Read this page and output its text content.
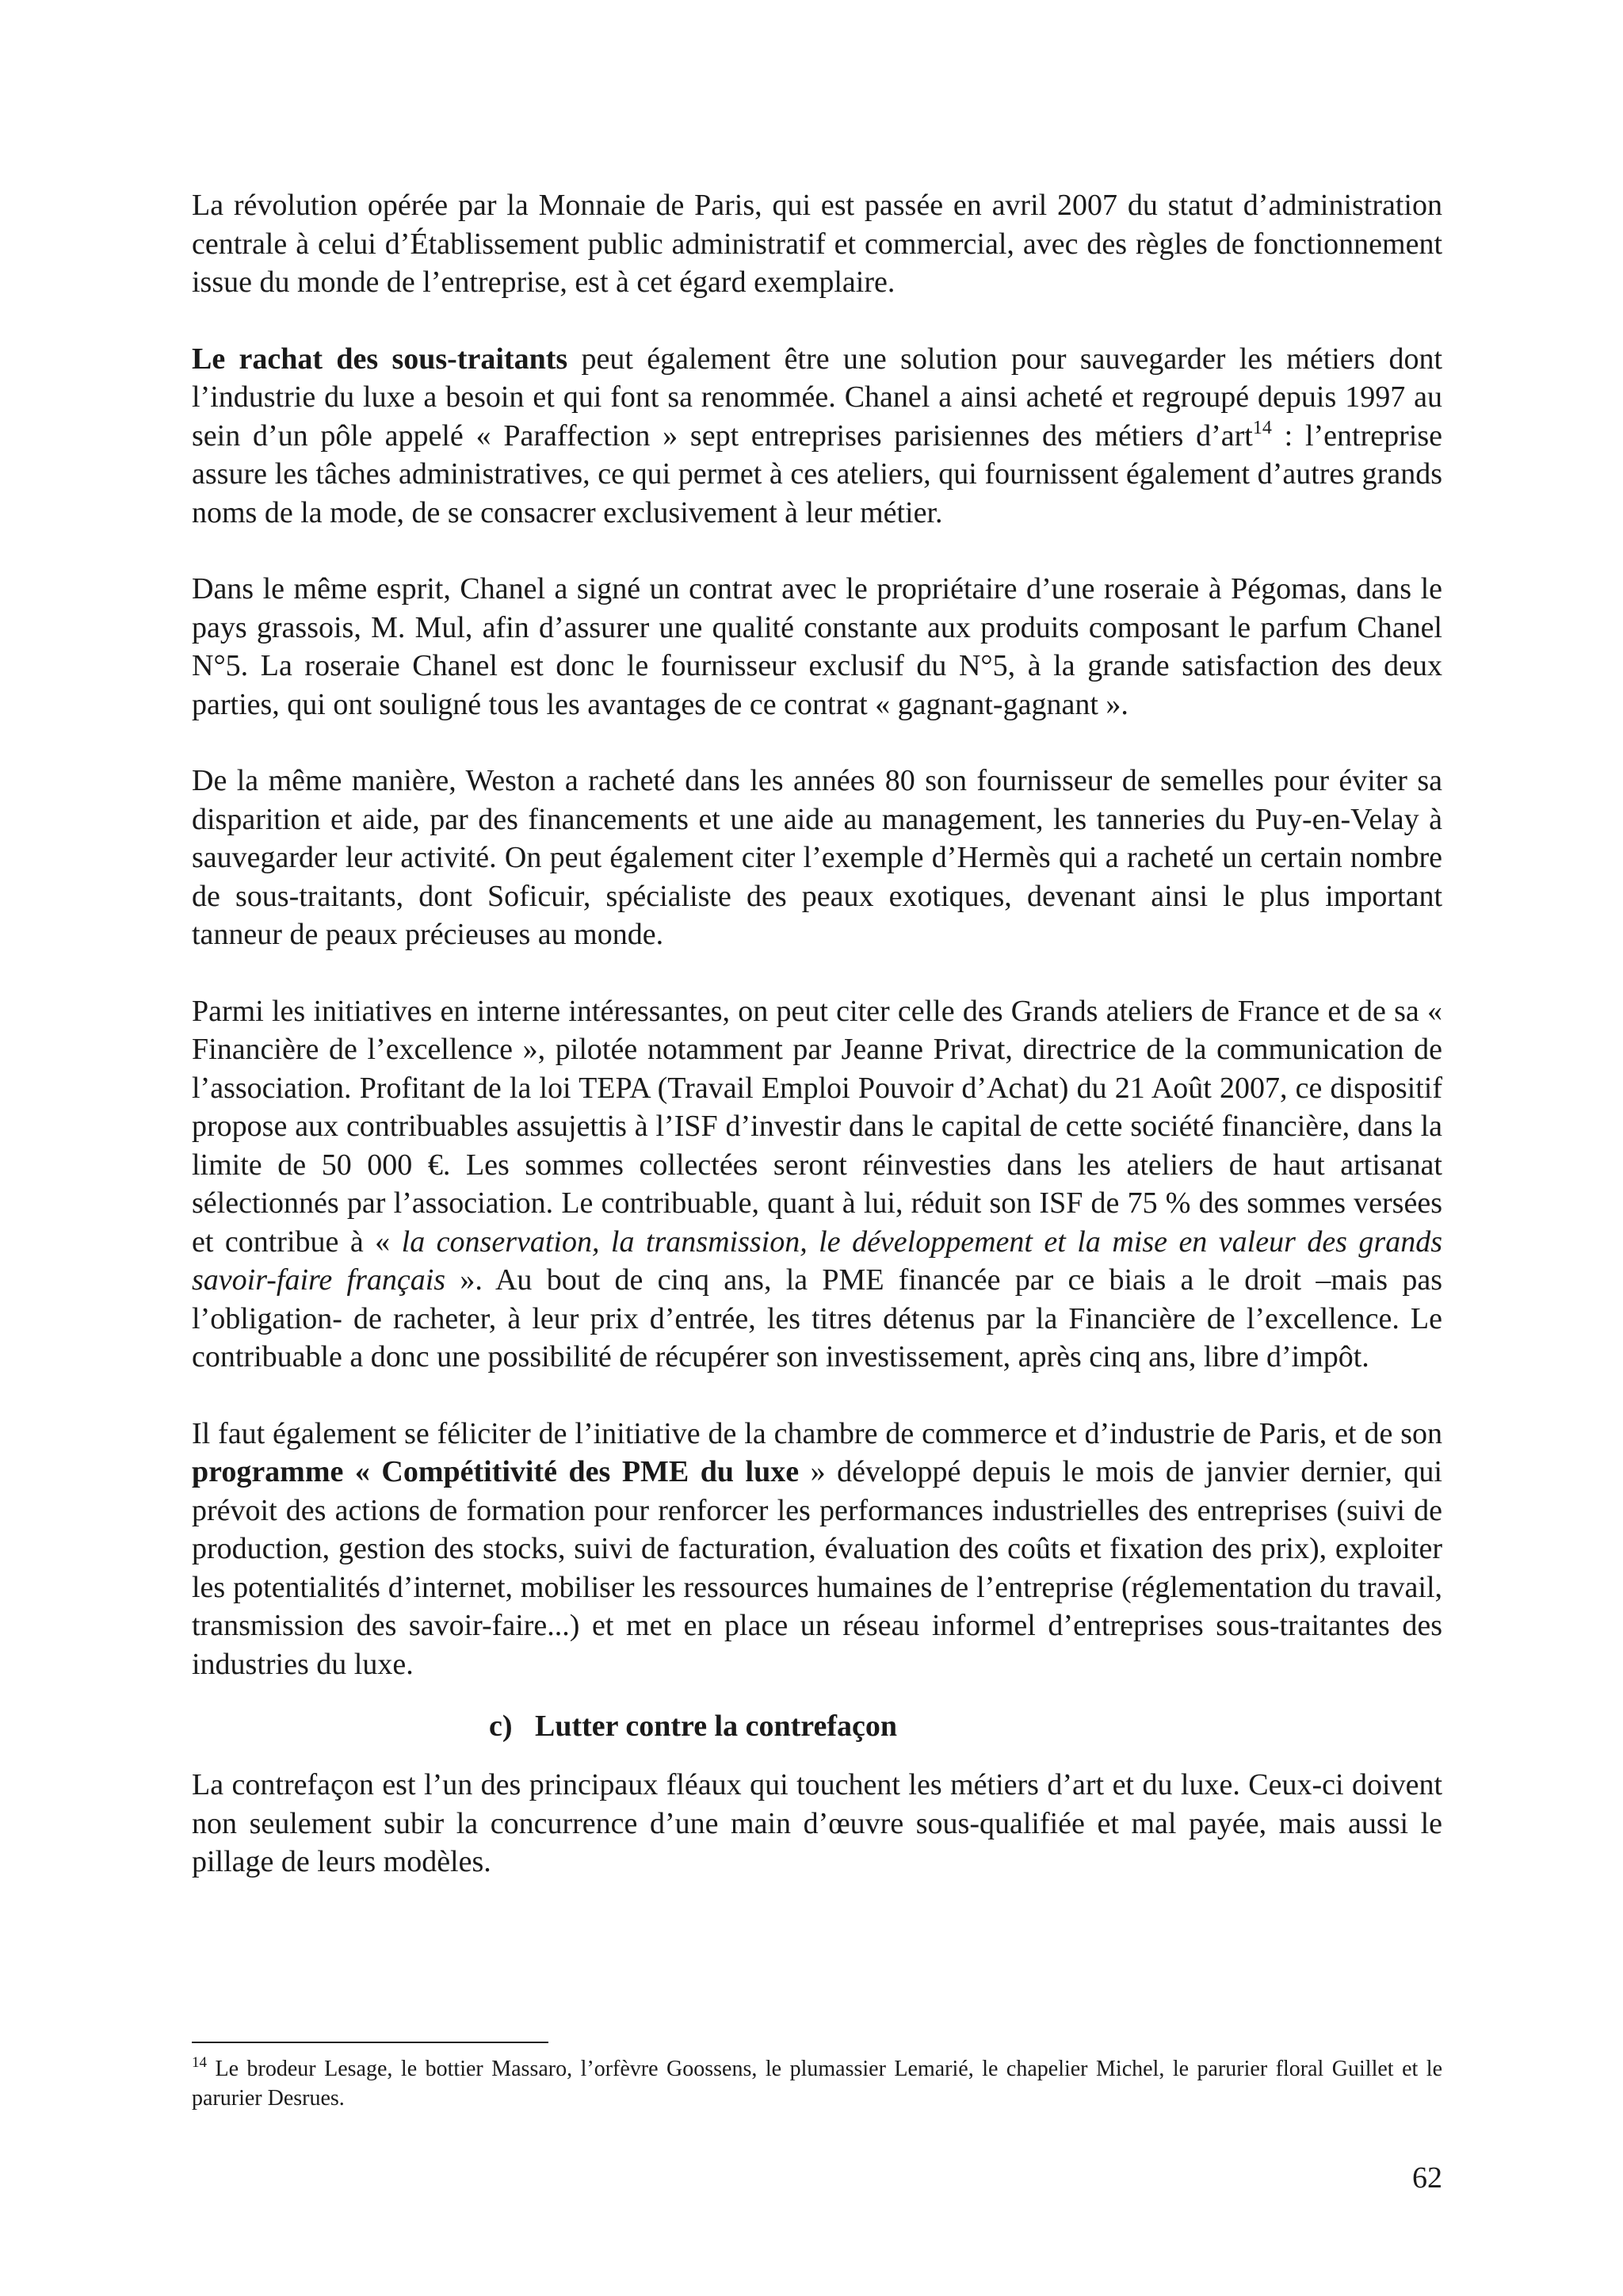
La révolution opérée par la Monnaie de Paris, qui est passée en avril 2007 du statut d’administration centrale à celui d’Établissement public administratif et commercial, avec des règles de fonctionnement issue du monde de l’entreprise, est à cet égard exemplaire.

Le rachat des sous-traitants peut également être une solution pour sauvegarder les métiers dont l’industrie du luxe a besoin et qui font sa renommée. Chanel a ainsi acheté et regroupé depuis 1997 au sein d’un pôle appelé « Paraffection » sept entreprises parisiennes des métiers d’art$^{14}$ : l’entreprise assure les tâches administratives, ce qui permet à ces ateliers, qui fournissent également d’autres grands noms de la mode, de se consacrer exclusivement à leur métier.

Dans le même esprit, Chanel a signé un contrat avec le propriétaire d’une roseraie à Pégomas, dans le pays grassois, M. Mul, afin d’assurer une qualité constante aux produits composant le parfum Chanel N°5. La roseraie Chanel est donc le fournisseur exclusif du N°5, à la grande satisfaction des deux parties, qui ont souligné tous les avantages de ce contrat « gagnant-gagnant ».

De la même manière, Weston a racheté dans les années 80 son fournisseur de semelles pour éviter sa disparition et aide, par des financements et une aide au management, les tanneries du Puy-en-Velay à sauvegarder leur activité. On peut également citer l’exemple d’Hermès qui a racheté un certain nombre de sous-traitants, dont Soficuir, spécialiste des peaux exotiques, devenant ainsi le plus important tanneur de peaux précieuses au monde.

Parmi les initiatives en interne intéressantes, on peut citer celle des Grands ateliers de France et de sa « Financière de l’excellence », pilotée notamment par Jeanne Privat, directrice de la communication de l’association. Profitant de la loi TEPA (Travail Emploi Pouvoir d’Achat) du 21 Août 2007, ce dispositif propose aux contribuables assujettis à l’ISF d’investir dans le capital de cette société financière, dans la limite de 50 000 €. Les sommes collectées seront réinvesties dans les ateliers de haut artisanat sélectionnés par l’association. Le contribuable, quant à lui, réduit son ISF de 75 % des sommes versées et contribue à « la conservation, la transmission, le développement et la mise en valeur des grands savoir-faire français ». Au bout de cinq ans, la PME financée par ce biais a le droit –mais pas l’obligation- de racheter, à leur prix d’entrée, les titres détenus par la Financière de l’excellence. Le contribuable a donc une possibilité de récupérer son investissement, après cinq ans, libre d’impôt.

Il faut également se féliciter de l’initiative de la chambre de commerce et d’industrie de Paris, et de son programme « Compétitivité des PME du luxe » développé depuis le mois de janvier dernier, qui prévoit des actions de formation pour renforcer les performances industrielles des entreprises (suivi de production, gestion des stocks, suivi de facturation, évaluation des coûts et fixation des prix), exploiter les potentialités d’internet, mobiliser les ressources humaines de l’entreprise (réglementation du travail, transmission des savoir-faire...) et met en place un réseau informel d’entreprises sous-traitantes des industries du luxe.

c)   Lutter contre la contrefaçon

La contrefaçon est l’un des principaux fléaux qui touchent les métiers d’art et du luxe. Ceux-ci doivent non seulement subir la concurrence d’une main d’œuvre sous-qualifiée et mal payée, mais aussi le pillage de leurs modèles.

$^{14}$ Le brodeur Lesage, le bottier Massaro, l’orfèvre Goossens, le plumassier Lemarié, le chapelier Michel, le parurier floral Guillet et le parurier Desrues.
62
